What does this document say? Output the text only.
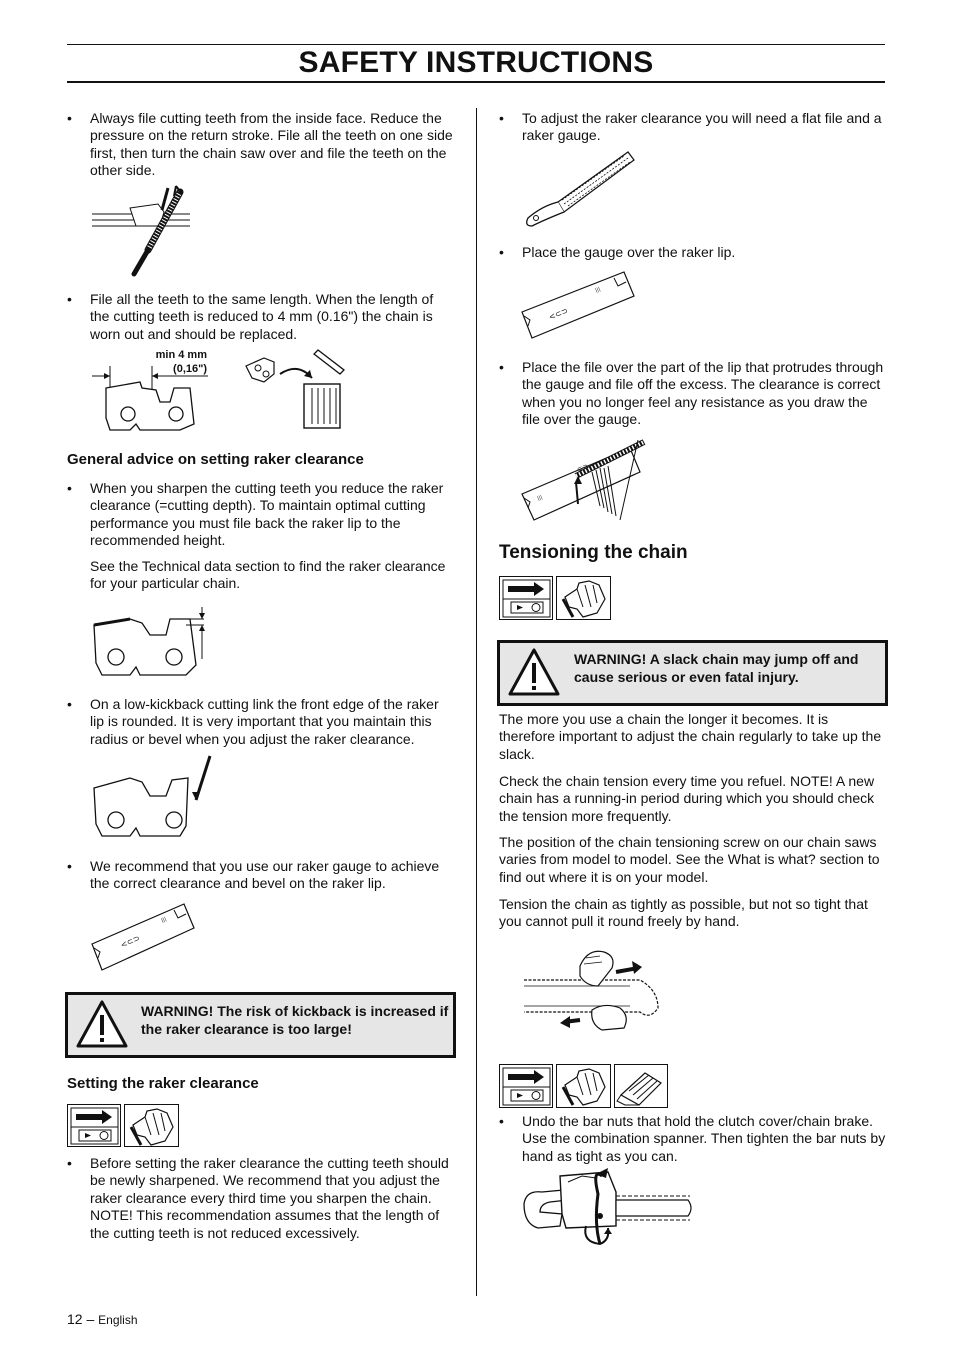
SAFETY INSTRUCTIONS
• Always file cutting teeth from the inside face. Reduce the pressure on the return stroke. File all the teeth on one side first, then turn the chain saw over and file the teeth on the other side.
• File all the teeth to the same length. When the length of the cutting teeth is reduced to 4 mm (0.16") the chain is worn out and should be replaced.
min 4 mm
(0,16")
General advice on setting raker clearance
• When you sharpen the cutting teeth you reduce the raker clearance (=cutting depth). To maintain optimal cutting performance you must file back the raker lip to the recommended height.

See the Technical data section to find the raker clearance for your particular chain.

• On a low-kickback cutting link the front edge of the raker lip is rounded. It is very important that you maintain this radius or bevel when you adjust the raker clearance.
• We recommend that you use our raker gauge to achieve the correct clearance and bevel on the raker lip.
<⊂⊃
|||
WARNING! The risk of kickback is increased if the raker clearance is too large!
Setting the raker clearance
• Before setting the raker clearance the cutting teeth should be newly sharpened. We recommend that you adjust the raker clearance every third time you sharpen the chain. NOTE! This recommendation assumes that the length of the cutting teeth is not reduced excessively.
• To adjust the raker clearance you will need a flat file and a raker gauge.
• Place the gauge over the raker lip.
<⊂⊃
|||
• Place the file over the part of the lip that protrudes through the gauge and file off the excess. The clearance is correct when you no longer feel any resistance as you draw the file over the gauge.
|||
⊂⊃
Tensioning the chain
WARNING! A slack chain may jump off and cause serious or even fatal injury.
The more you use a chain the longer it becomes. It is therefore important to adjust the chain regularly to take up the slack.
Check the chain tension every time you refuel. NOTE! A new chain has a running-in period during which you should check the tension more frequently.
The position of the chain tensioning screw on our chain saws varies from model to model. See the What is what? section to find out where it is on your model.
Tension the chain as tightly as possible, but not so tight that you cannot pull it round freely by hand.
• Undo the bar nuts that hold the clutch cover/chain brake. Use the combination spanner. Then tighten the bar nuts by hand as tight as you can.
12 – English
